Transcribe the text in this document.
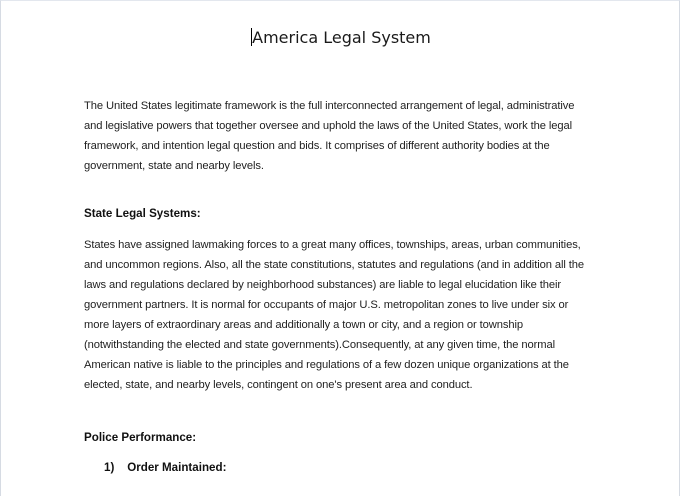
America Legal System

The United States legitimate framework is the full interconnected arrangement of legal, administrative
and legislative powers that together oversee and uphold the laws of the United States, work the legal
framework, and intention legal question and bids. It comprises of different authority bodies at the
government, state and nearby levels.

State Legal Systems:

States have assigned lawmaking forces to a great many offices, townships, areas, urban communities,
and uncommon regions. Also, all the state constitutions, statutes and regulations (and in addition all the
laws and regulations declared by neighborhood substances) are liable to legal elucidation like their
government partners. It is normal for occupants of major U.S. metropolitan zones to live under six or
more layers of extraordinary areas and additionally a town or city, and a region or township
(notwithstanding the elected and state governments).Consequently, at any given time, the normal
American native is liable to the principles and regulations of a few dozen unique organizations at the
elected, state, and nearby levels, contingent on one's present area and conduct.

Police Performance:
1) Order Maintained:
